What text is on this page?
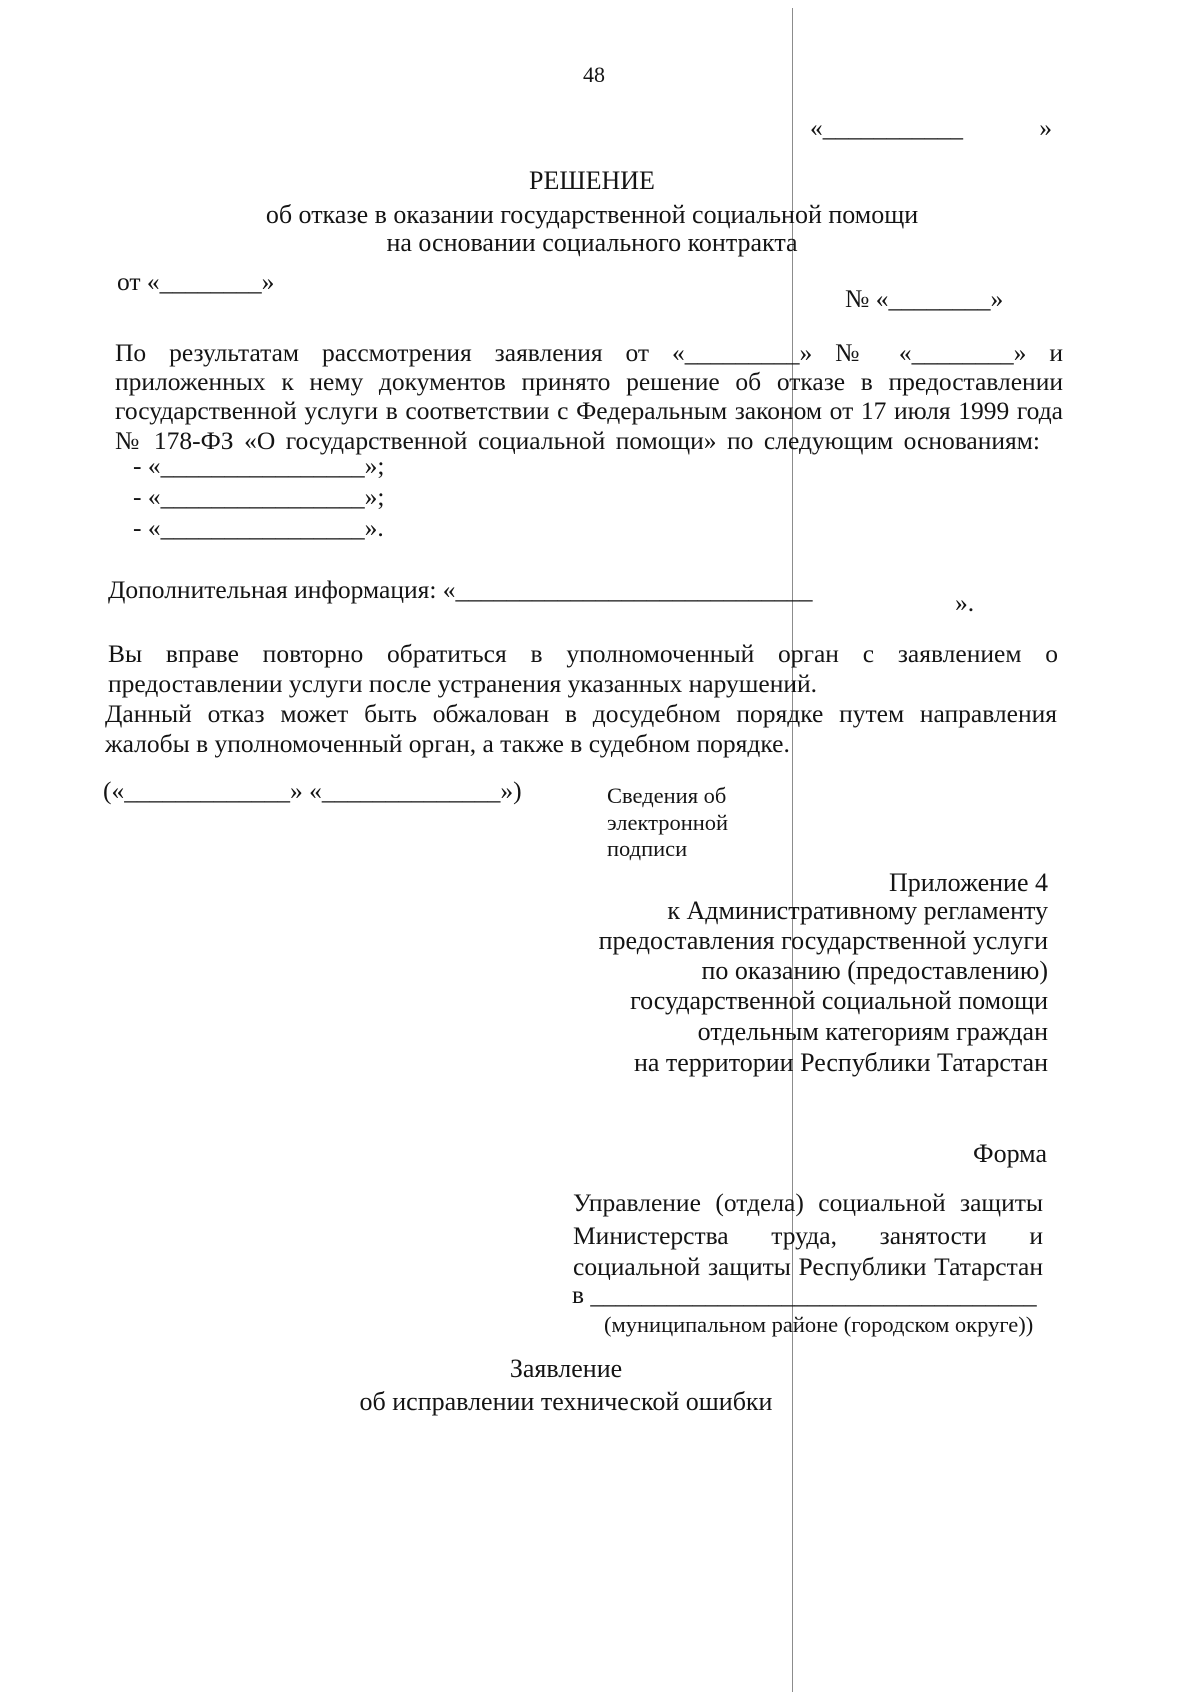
48
«___________	»
РЕШЕНИЕ
об отказе в оказании государственной социальной помощи
на основании социального контракта
от «________»
№ «________»
По результатам рассмотрения заявления от «_________» № «________» и
приложенных к нему документов принято решение об отказе в предоставлении
государственной услуги в соответствии с Федеральным законом от 17 июля 1999 года
№ 178-ФЗ «О государственной социальной помощи» по следующим основаниям:
- «________________»;
- «________________»;
- «________________».
Дополнительная информация: «____________________________	».
Вы вправе повторно обратиться в уполномоченный орган с заявлением о
предоставлении услуги после устранения указанных нарушений.
Данный отказ может быть обжалован в досудебном порядке путем направления
жалобы в уполномоченный орган, а также в судебном порядке.
(«_____________» «______________»)	Сведения об
электронной
подписи
Приложение 4
к Административному регламенту
предоставления государственной услуги
по оказанию (предоставлению)
государственной социальной помощи
отдельным категориям граждан
на территории Республики Татарстан
Форма
Управление (отдела) социальной защиты
Министерства труда, занятости и
социальной защиты Республики Татарстан
в ___________________________________
(муниципальном районе (городском округе))
Заявление
об исправлении технической ошибки
